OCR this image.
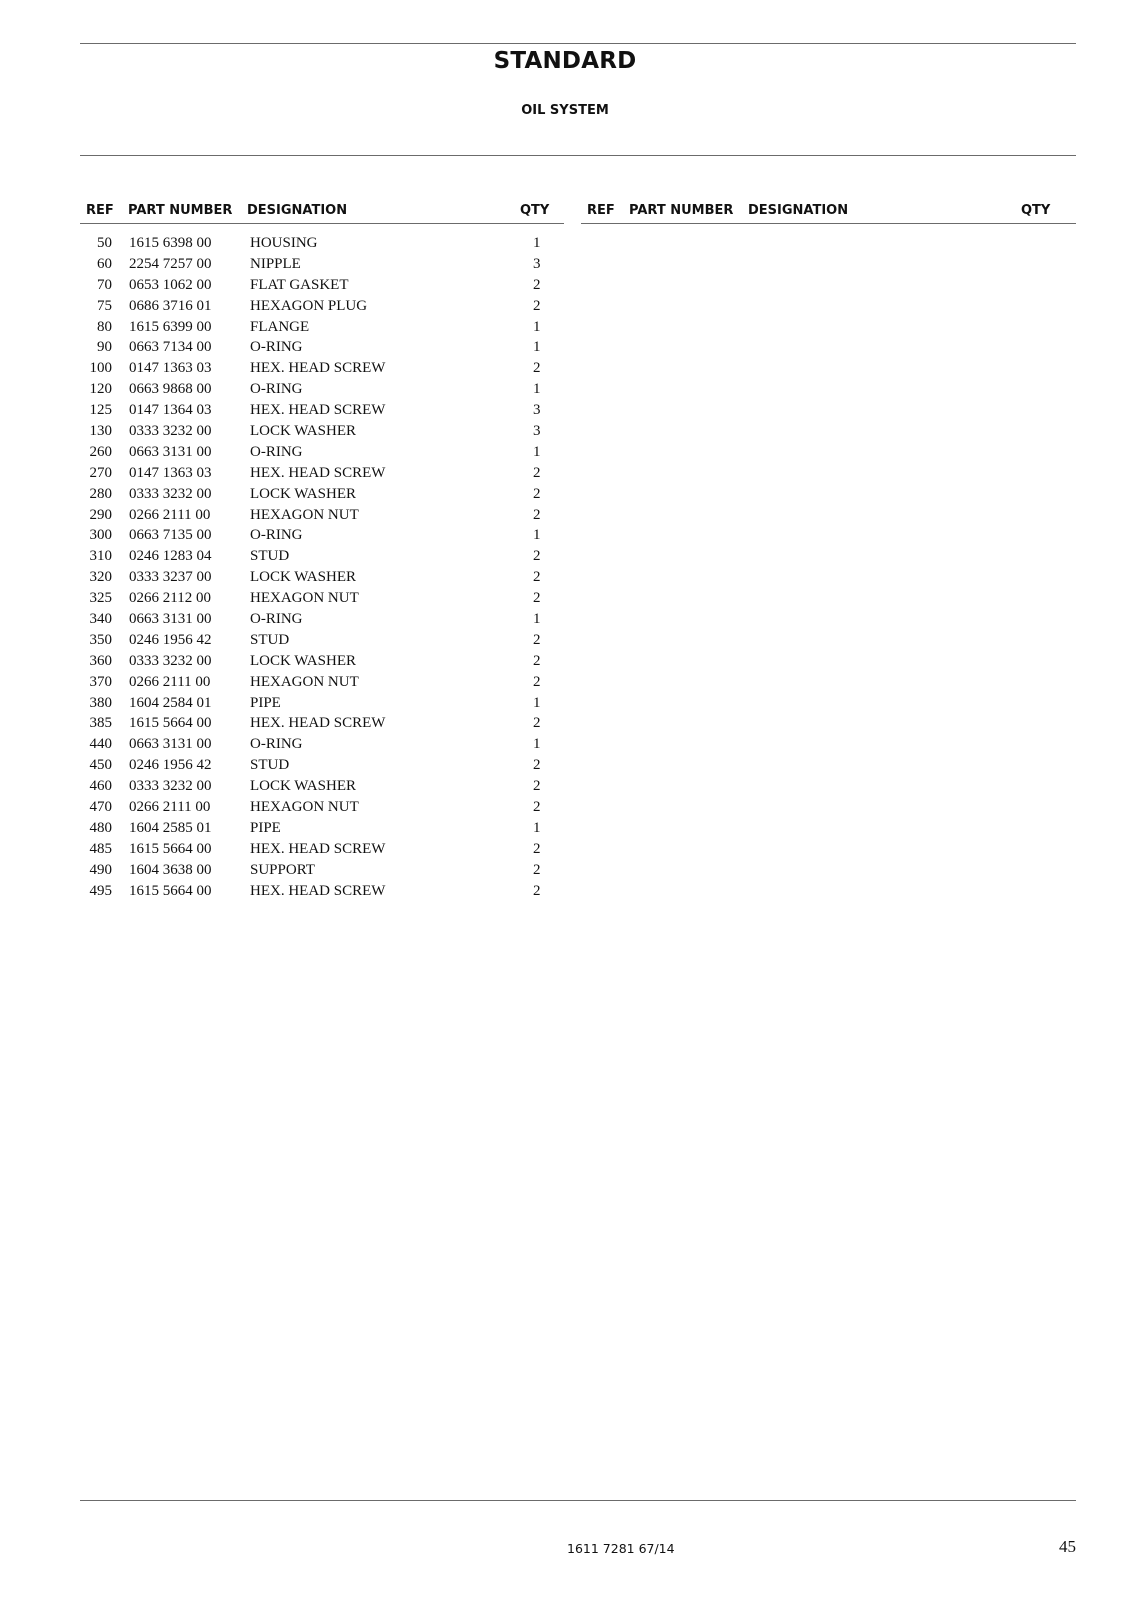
STANDARD
OIL SYSTEM
REF PART NUMBER DESIGNATION	QTY
50 1615 6398 00	HOUSING	1
60 2254 7257 00	NIPPLE	3
70 0653 1062 00	FLAT GASKET	2
75 0686 3716 01	HEXAGON PLUG	2
80 1615 6399 00	FLANGE	1
90 0663 7134 00	O-RING	1
100 0147 1363 03	HEX. HEAD SCREW	2
120 0663 9868 00	O-RING	1
125 0147 1364 03	HEX. HEAD SCREW	3
130 0333 3232 00	LOCK WASHER	3
260 0663 3131 00	O-RING	1
270 0147 1363 03	HEX. HEAD SCREW	2
280 0333 3232 00	LOCK WASHER	2
290 0266 2111 00	HEXAGON NUT	2
300 0663 7135 00	O-RING	1
310 0246 1283 04	STUD	2
320 0333 3237 00	LOCK WASHER	2
325 0266 2112 00	HEXAGON NUT	2
340 0663 3131 00	O-RING	1
350 0246 1956 42	STUD	2
360 0333 3232 00	LOCK WASHER	2
370 0266 2111 00	HEXAGON NUT	2
380 1604 2584 01	PIPE	1
385 1615 5664 00	HEX. HEAD SCREW	2
440 0663 3131 00	O-RING	1
450 0246 1956 42	STUD	2
460 0333 3232 00	LOCK WASHER	2
470 0266 2111 00	HEXAGON NUT	2
480 1604 2585 01	PIPE	1
485 1615 5664 00	HEX. HEAD SCREW	2
490 1604 3638 00	SUPPORT	2
495 1615 5664 00	HEX. HEAD SCREW	2
REF PART NUMBER DESIGNATION	QTY
1611 7281 67/14	45
